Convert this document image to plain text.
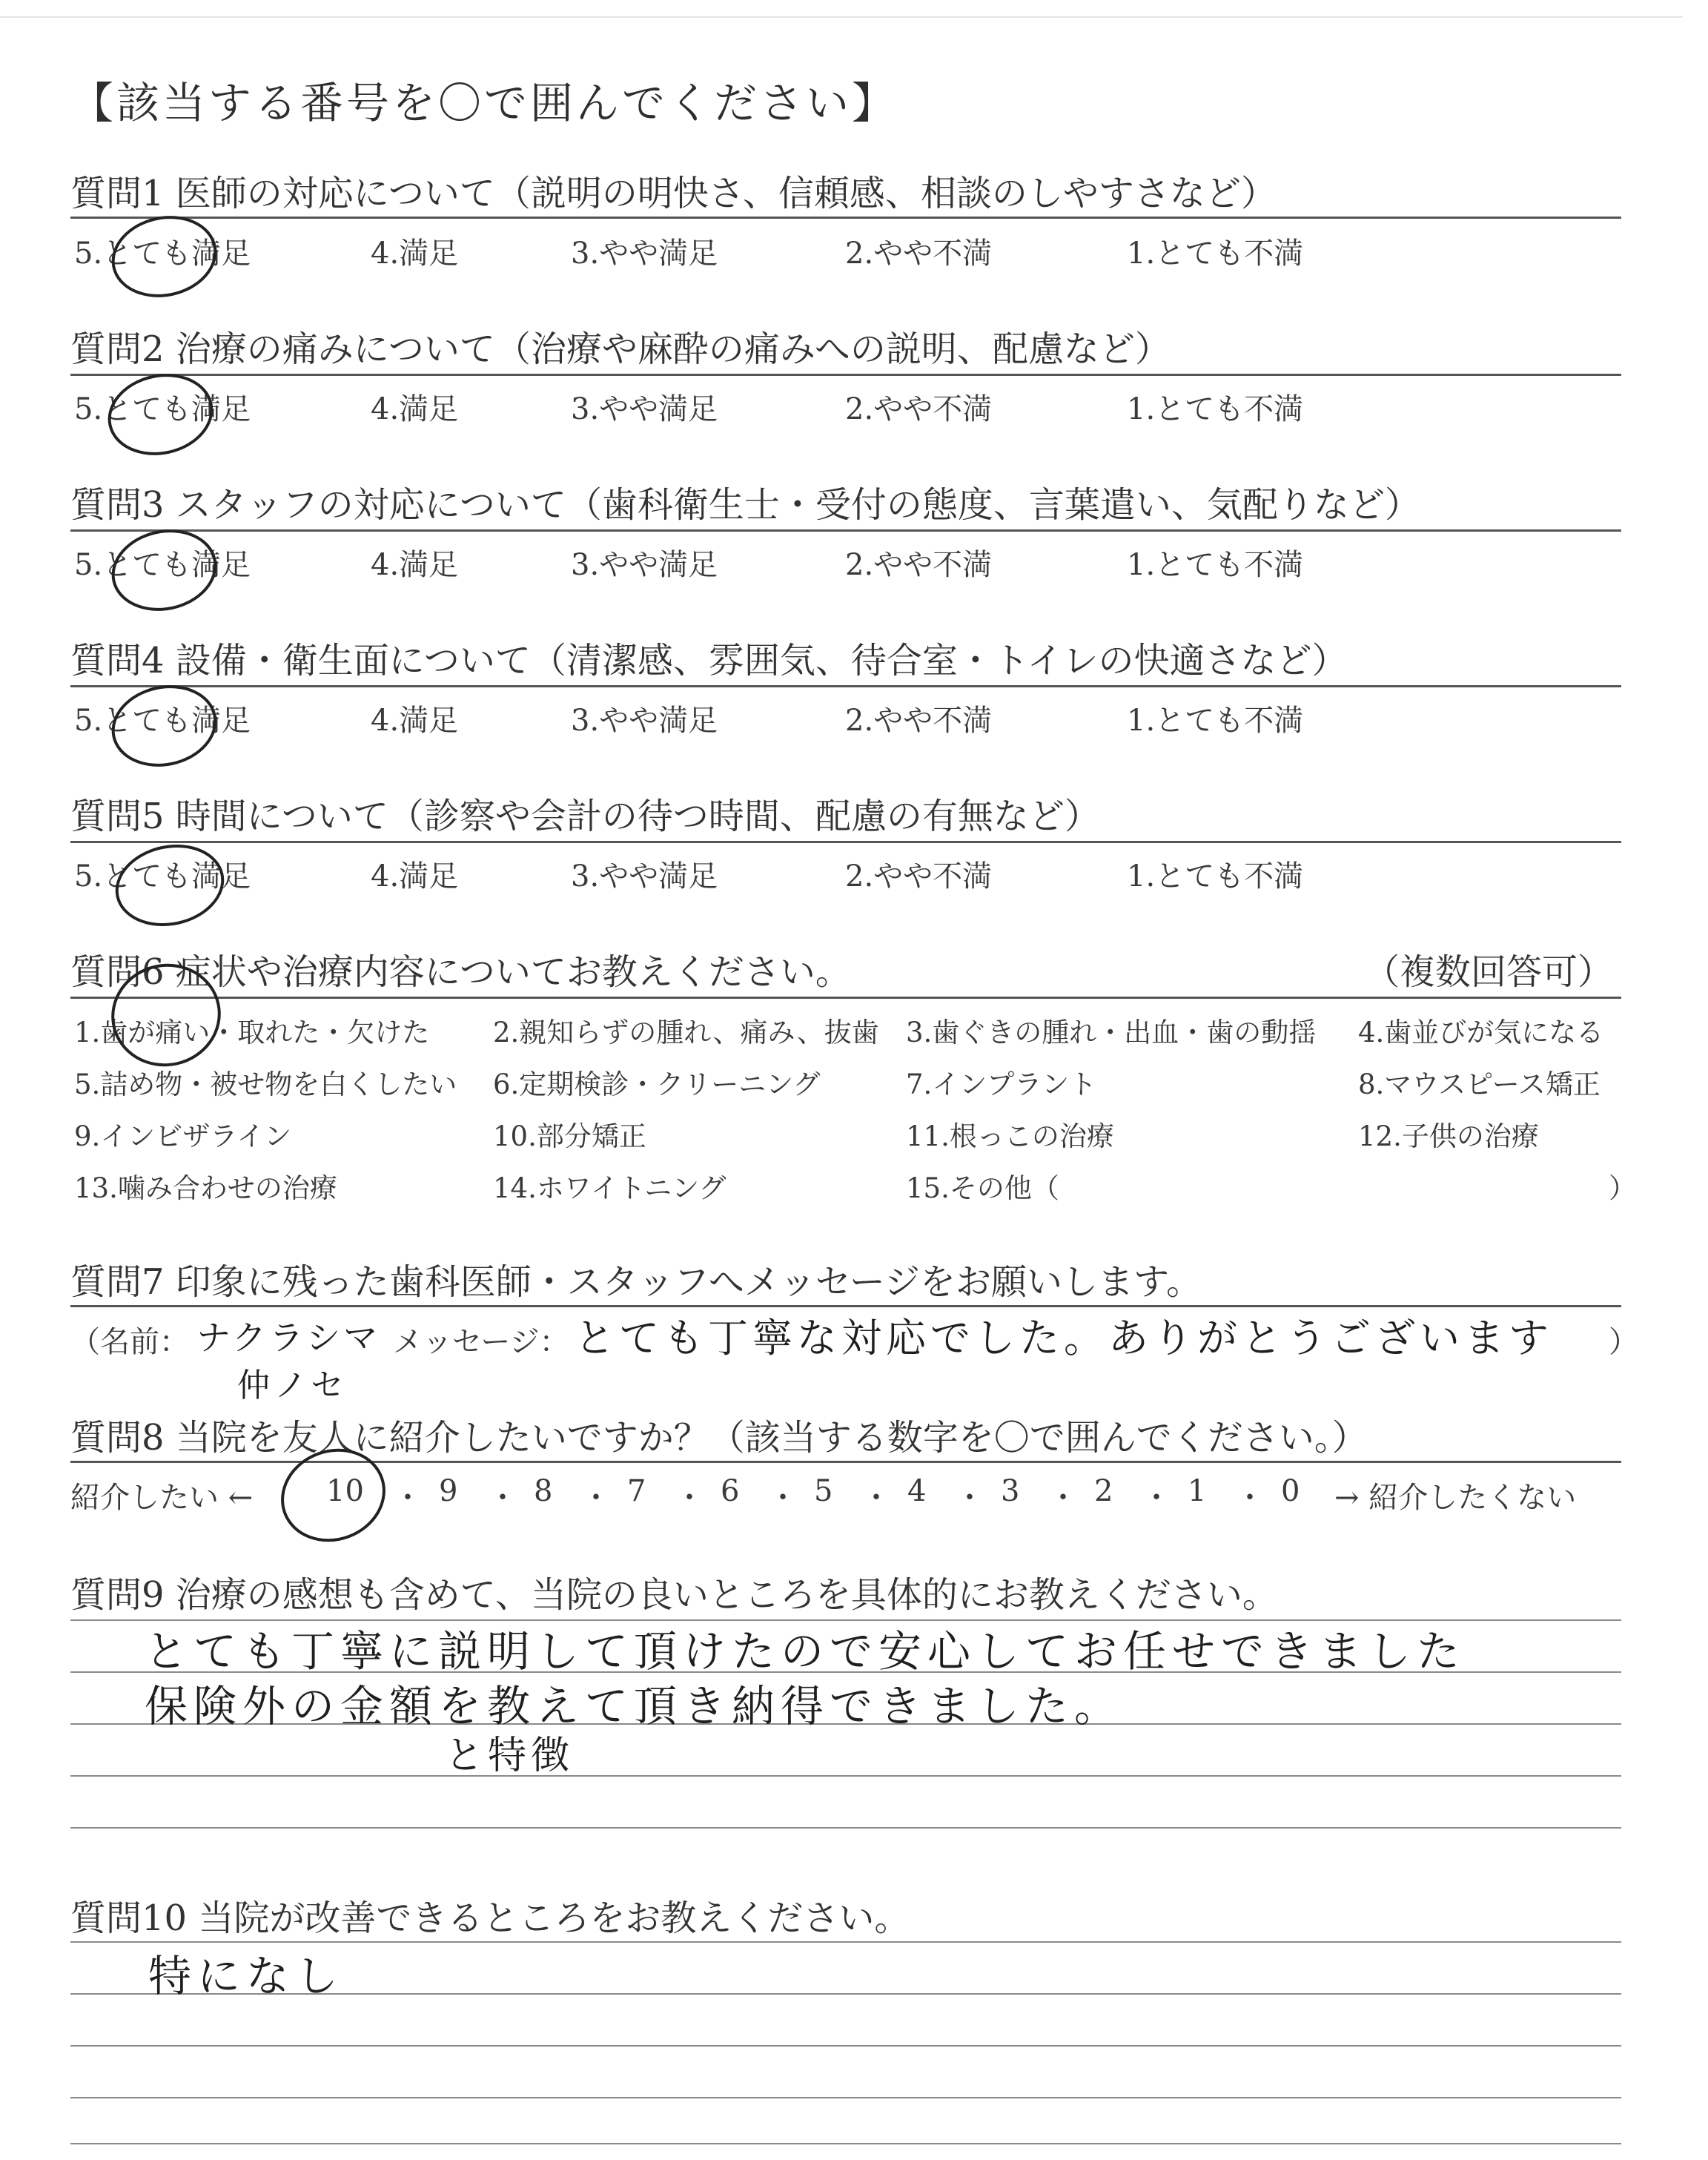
【該当する番号を〇で囲んでください】
質問1 医師の対応について（説明の明快さ、信頼感、相談のしやすさなど）
5.とても満足	4.満足	3.やや満足	2.やや不満	1.とても不満
質問2 治療の痛みについて（治療や麻酔の痛みへの説明、配慮など）
5.とても満足	4.満足	3.やや満足	2.やや不満	1.とても不満
質問3 スタッフの対応について（歯科衛生士・受付の態度、言葉遣い、気配りなど）
5.とても満足	4.満足	3.やや満足	2.やや不満	1.とても不満
質問4 設備・衛生面について（清潔感、雰囲気、待合室・トイレの快適さなど）
5.とても満足	4.満足	3.やや満足	2.やや不満	1.とても不満
質問5 時間について（診察や会計の待つ時間、配慮の有無など）
5.とても満足	4.満足	3.やや満足	2.やや不満	1.とても不満
質問6 症状や治療内容についてお教えください。	（複数回答可）
1.歯が痛い・取れた・欠けた 2.親知らずの腫れ、痛み、抜歯 3.歯ぐきの腫れ・出血・歯の動揺 4.歯並びが気になる
5.詰め物・被せ物を白くしたい 6.定期検診・クリーニング	7.インプラント	8.マウスピース矯正
9.インビザライン	10.部分矯正	11.根っこの治療	12.子供の治療
13.噛み合わせの治療	14.ホワイトニング	15.その他（	）
質問7 印象に残った歯科医師・スタッフへメッセージをお願いします。
（名前： ナクラシマ
仲ノセ
メッセージ： とても丁寧な対応でした。ありがとうございます ）
質問8 当院を友人に紹介したいですか？（該当する数字を〇で囲んでください。）
紹介したい ← 10 ・ 9 ・ 8 ・ 7 ・ 6 ・ 5 ・ 4 ・ 3 ・ 2 ・ 1 ・ 0 → 紹介したくない
質問9 治療の感想も含めて、当院の良いところを具体的にお教えください。
とても丁寧に説明して頂けたので安心してお任せできました
保険外の金額を教えて頂き納得できました。
と特徴
質問10 当院が改善できるところをお教えください。
特になし
